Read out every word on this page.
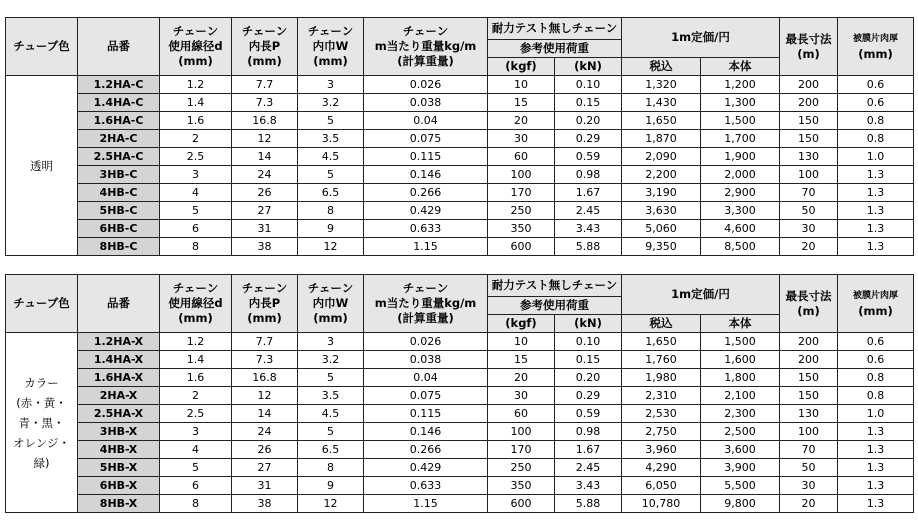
チューブ色	品番	チェーン
使用線径d
(mm)	チェーン
内長P
(mm)	チェーン
内巾W
(mm)	チェーン
m当たり重量kg/m
(計算重量)	耐力テスト無しチェーン		1m定価/円		最長寸法
(m)	被膜片肉厚
(mm)

						参考使用荷重					
						(kgf)	(kN)	税込	本体		
透明	1.2HA-C	1.2	7.7	3	0.026	10	0.10	1,320	1,200	200	0.6
	1.4HA-C	1.4	7.3	3.2	0.038	15	0.15	1,430	1,300	200	0.6
	1.6HA-C	1.6	16.8	5	0.04	20	0.20	1,650	1,500	150	0.8
	2HA-C	2	12	3.5	0.075	30	0.29	1,870	1,700	150	0.8
	2.5HA-C	2.5	14	4.5	0.115	60	0.59	2,090	1,900	130	1.0
	3HB-C	3	24	5	0.146	100	0.98	2,200	2,000	100	1.3
	4HB-C	4	26	6.5	0.266	170	1.67	3,190	2,900	70	1.3
	5HB-C	5	27	8	0.429	250	2.45	3,630	3,300	50	1.3
	6HB-C	6	31	9	0.633	350	3.43	5,060	4,600	30	1.3
	8HB-C	8	38	12	1.15	600	5.88	9,350	8,500	20	1.3
チューブ色	品番	チェーン
使用線径d
(mm)	チェーン
内長P
(mm)	チェーン
内巾W
(mm)	チェーン
m当たり重量kg/m
(計算重量)	耐力テスト無しチェーン		1m定価/円		最長寸法
(m)	被膜片肉厚
(mm)

						参考使用荷重					
						(kgf)	(kN)	税込	本体		
カラー
(赤・黄・
青・黒・
オレンジ・
緑)	1.2HA-X	1.2	7.7	3	0.026	10	0.10	1,650	1,500	200	0.6
	1.4HA-X	1.4	7.3	3.2	0.038	15	0.15	1,760	1,600	200	0.6
	1.6HA-X	1.6	16.8	5	0.04	20	0.20	1,980	1,800	150	0.8
	2HA-X	2	12	3.5	0.075	30	0.29	2,310	2,100	150	0.8
	2.5HA-X	2.5	14	4.5	0.115	60	0.59	2,530	2,300	130	1.0
	3HB-X	3	24	5	0.146	100	0.98	2,750	2,500	100	1.3
	4HB-X	4	26	6.5	0.266	170	1.67	3,960	3,600	70	1.3
	5HB-X	5	27	8	0.429	250	2.45	4,290	3,900	50	1.3
	6HB-X	6	31	9	0.633	350	3.43	6,050	5,500	30	1.3
	8HB-X	8	38	12	1.15	600	5.88	10,780	9,800	20	1.3
